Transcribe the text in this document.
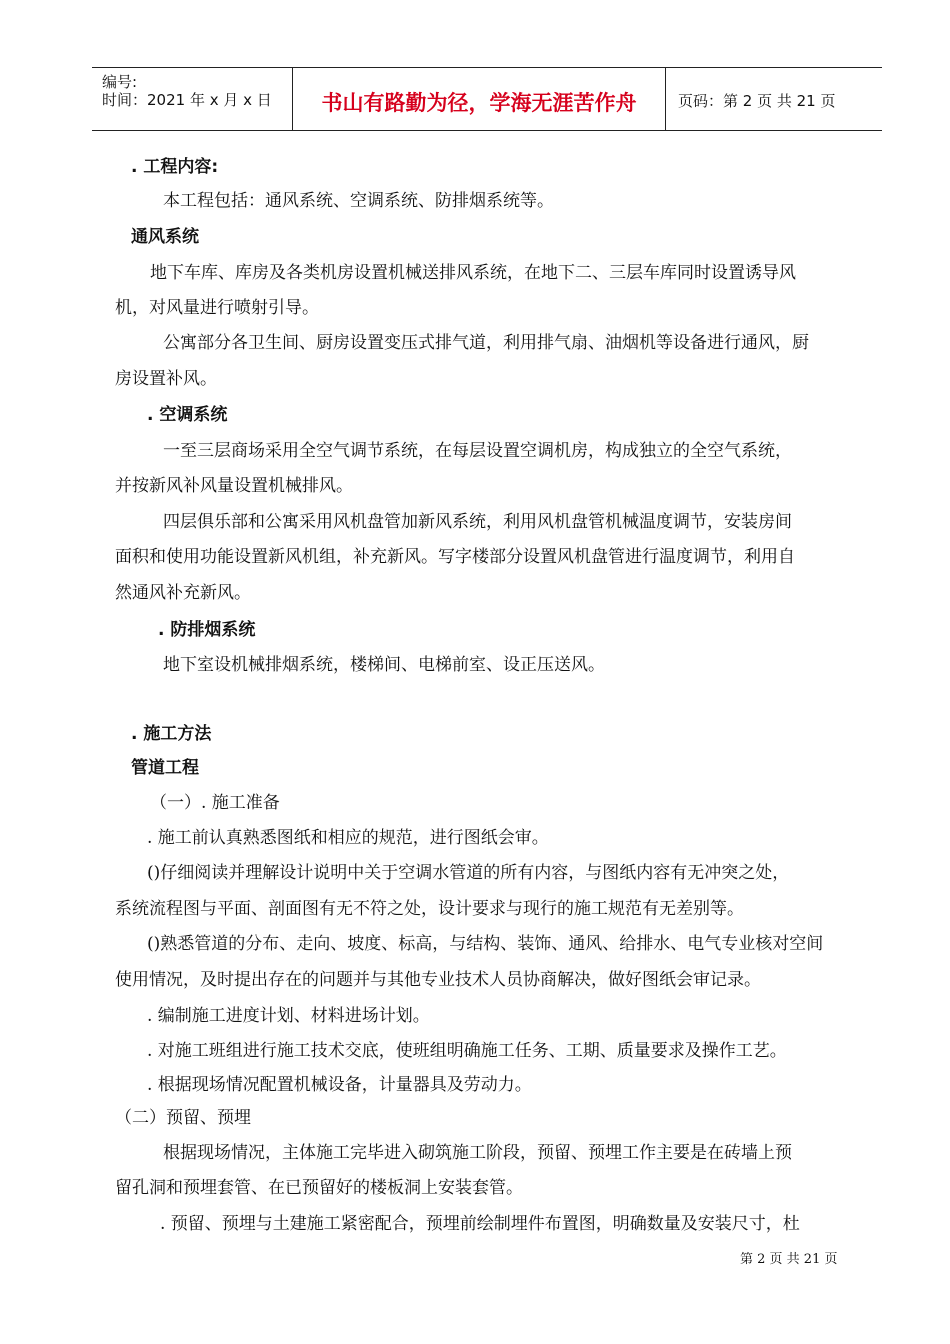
编号:
时间：2021 年 x 月 x 日	书山有路勤为径，学海无涯苦作舟	页码：第 2 页 共 21 页
. 工程内容:
本工程包括：通风系统、空调系统、防排烟系统等。
通风系统
地下车库、库房及各类机房设置机械送排风系统，在地下二、三层车库同时设置诱导风
机，对风量进行喷射引导。
公寓部分各卫生间、厨房设置变压式排气道，利用排气扇、油烟机等设备进行通风，厨
房设置补风。
. 空调系统
一至三层商场采用全空气调节系统，在每层设置空调机房，构成独立的全空气系统，
并按新风补风量设置机械排风。
四层俱乐部和公寓采用风机盘管加新风系统，利用风机盘管机械温度调节，安装房间
面积和使用功能设置新风机组，补充新风。写字楼部分设置风机盘管进行温度调节，利用自
然通风补充新风。
. 防排烟系统
地下室设机械排烟系统，楼梯间、电梯前室、设正压送风。
. 施工方法
管道工程
（一）. 施工准备
. 施工前认真熟悉图纸和相应的规范，进行图纸会审。
()仔细阅读并理解设计说明中关于空调水管道的所有内容，与图纸内容有无冲突之处，
系统流程图与平面、剖面图有无不符之处，设计要求与现行的施工规范有无差别等。
()熟悉管道的分布、走向、坡度、标高，与结构、装饰、通风、给排水、电气专业核对空间
使用情况，及时提出存在的问题并与其他专业技术人员协商解决，做好图纸会审记录。
. 编制施工进度计划、材料进场计划。
. 对施工班组进行施工技术交底，使班组明确施工任务、工期、质量要求及操作工艺。
. 根据现场情况配置机械设备，计量器具及劳动力。
（二）预留、预埋
根据现场情况，主体施工完毕进入砌筑施工阶段，预留、预埋工作主要是在砖墙上预
留孔洞和预埋套管、在已预留好的楼板洞上安装套管。
. 预留、预埋与土建施工紧密配合，预埋前绘制埋件布置图，明确数量及安装尺寸，杜
第 2 页 共 21 页
